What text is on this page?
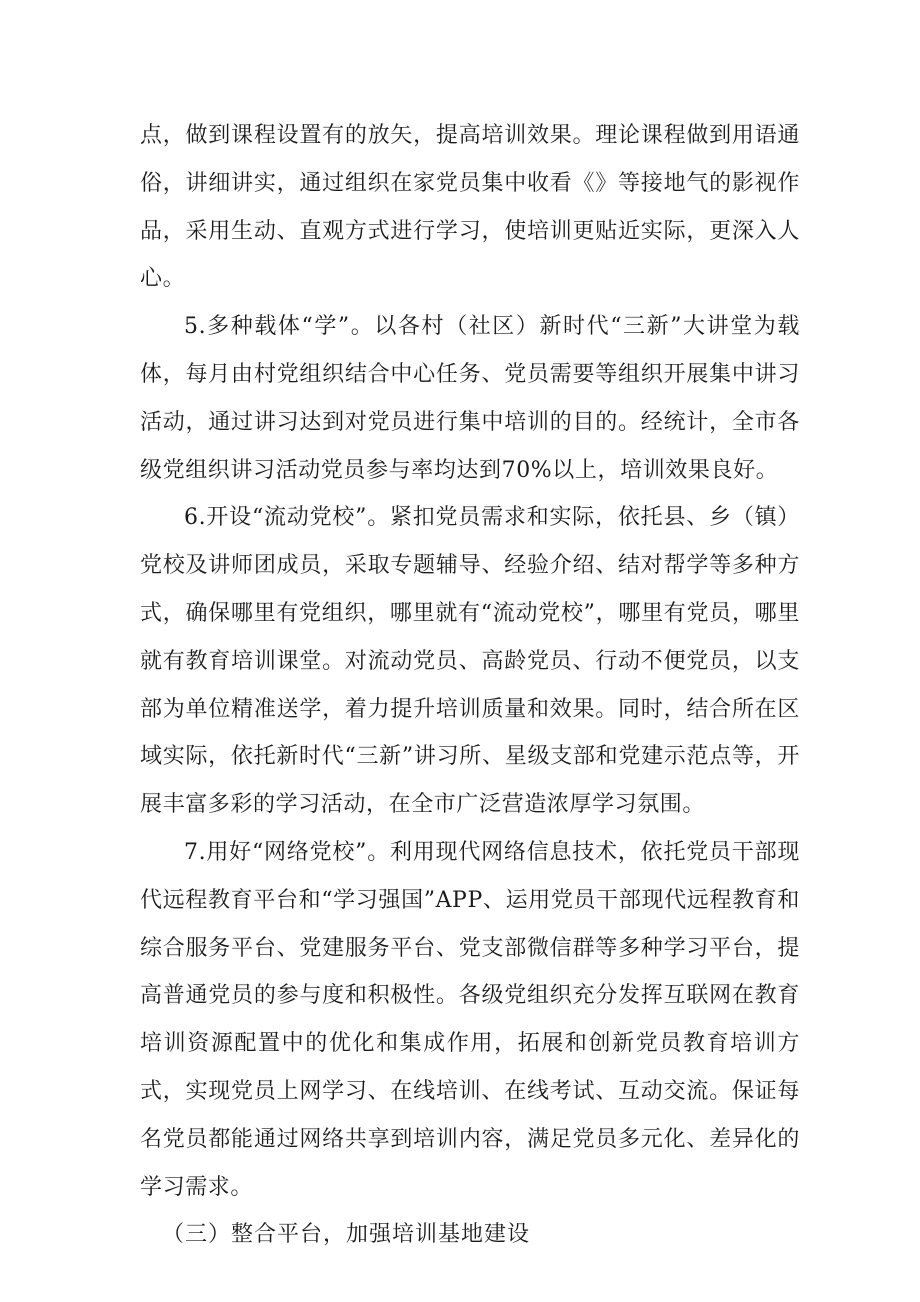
点，做到课程设置有的放矢，提高培训效果。理论课程做到用语通俗，讲细讲实，通过组织在家党员集中收看《》等接地气的影视作品，采用生动、直观方式进行学习，使培训更贴近实际，更深入人心。

5.多种载体“学”。以各村（社区）新时代“三新”大讲堂为载体，每月由村党组织结合中心任务、党员需要等组织开展集中讲习活动，通过讲习达到对党员进行集中培训的目的。经统计，全市各级党组织讲习活动党员参与率均达到70%以上，培训效果良好。

6.开设“流动党校”。紧扣党员需求和实际，依托县、乡（镇）党校及讲师团成员，采取专题辅导、经验介绍、结对帮学等多种方式，确保哪里有党组织，哪里就有“流动党校”，哪里有党员，哪里就有教育培训课堂。对流动党员、高龄党员、行动不便党员，以支部为单位精准送学，着力提升培训质量和效果。同时，结合所在区域实际，依托新时代“三新”讲习所、星级支部和党建示范点等，开展丰富多彩的学习活动，在全市广泛营造浓厚学习氛围。

7.用好“网络党校”。利用现代网络信息技术，依托党员干部现代远程教育平台和“学习强国”APP、运用党员干部现代远程教育和综合服务平台、党建服务平台、党支部微信群等多种学习平台，提高普通党员的参与度和积极性。各级党组织充分发挥互联网在教育培训资源配置中的优化和集成作用，拓展和创新党员教育培训方式，实现党员上网学习、在线培训、在线考试、互动交流。保证每名党员都能通过网络共享到培训内容，满足党员多元化、差异化的学习需求。

（三）整合平台，加强培训基地建设
